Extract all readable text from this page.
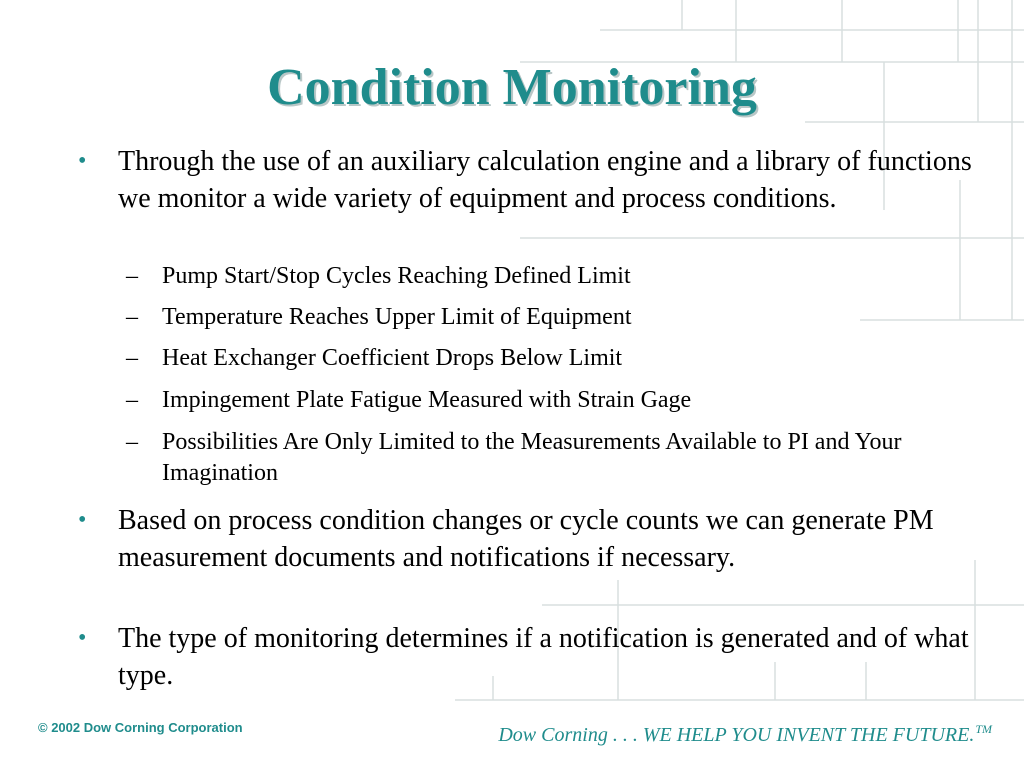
Condition Monitoring
•	Through the use of an auxiliary calculation engine and a library of functions we monitor a wide variety of equipment and process conditions.
–	Pump Start/Stop Cycles Reaching Defined Limit
–	Temperature Reaches Upper Limit of Equipment
–	Heat Exchanger Coefficient Drops Below Limit
–	Impingement Plate Fatigue Measured with Strain Gage
–	Possibilities Are Only Limited to the Measurements Available to PI and Your Imagination
•	Based on process condition changes or cycle counts we can generate PM measurement documents and notifications if necessary.
•	The type of monitoring determines if a notification is generated and of what type.
© 2002 Dow Corning Corporation	Dow Corning . . . WE HELP YOU INVENT THE FUTURE.™
